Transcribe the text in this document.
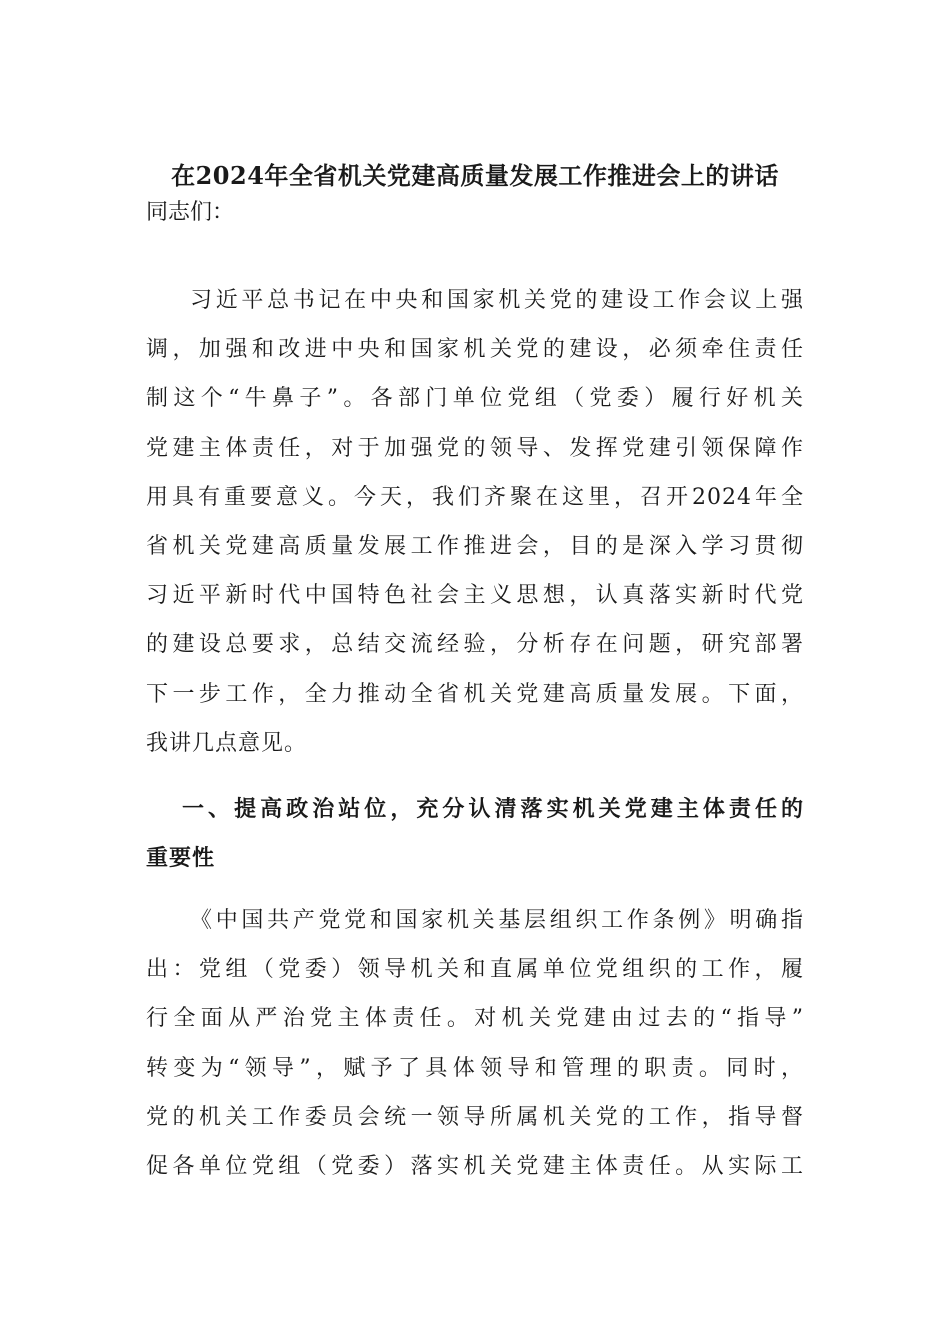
在2024年全省机关党建高质量发展工作推进会上的讲话

同志们：

习近平总书记在中央和国家机关党的建设工作会议上强
调，加强和改进中央和国家机关党的建设，必须牵住责任
制这个“牛鼻子”。各部门单位党组（党委）履行好机关
党建主体责任，对于加强党的领导、发挥党建引领保障作
用具有重要意义。今天，我们齐聚在这里，召开2024年全
省机关党建高质量发展工作推进会，目的是深入学习贯彻
习近平新时代中国特色社会主义思想，认真落实新时代党
的建设总要求，总结交流经验，分析存在问题，研究部署
下一步工作，全力推动全省机关党建高质量发展。下面，
我讲几点意见。
一、提高政治站位，充分认清落实机关党建主体责任的
重要性
《中国共产党党和国家机关基层组织工作条例》明确指
出：党组（党委）领导机关和直属单位党组织的工作，履
行全面从严治党主体责任。对机关党建由过去的“指导”
转变为“领导”，赋予了具体领导和管理的职责。同时，
党的机关工作委员会统一领导所属机关党的工作，指导督
促各单位党组（党委）落实机关党建主体责任。从实际工
